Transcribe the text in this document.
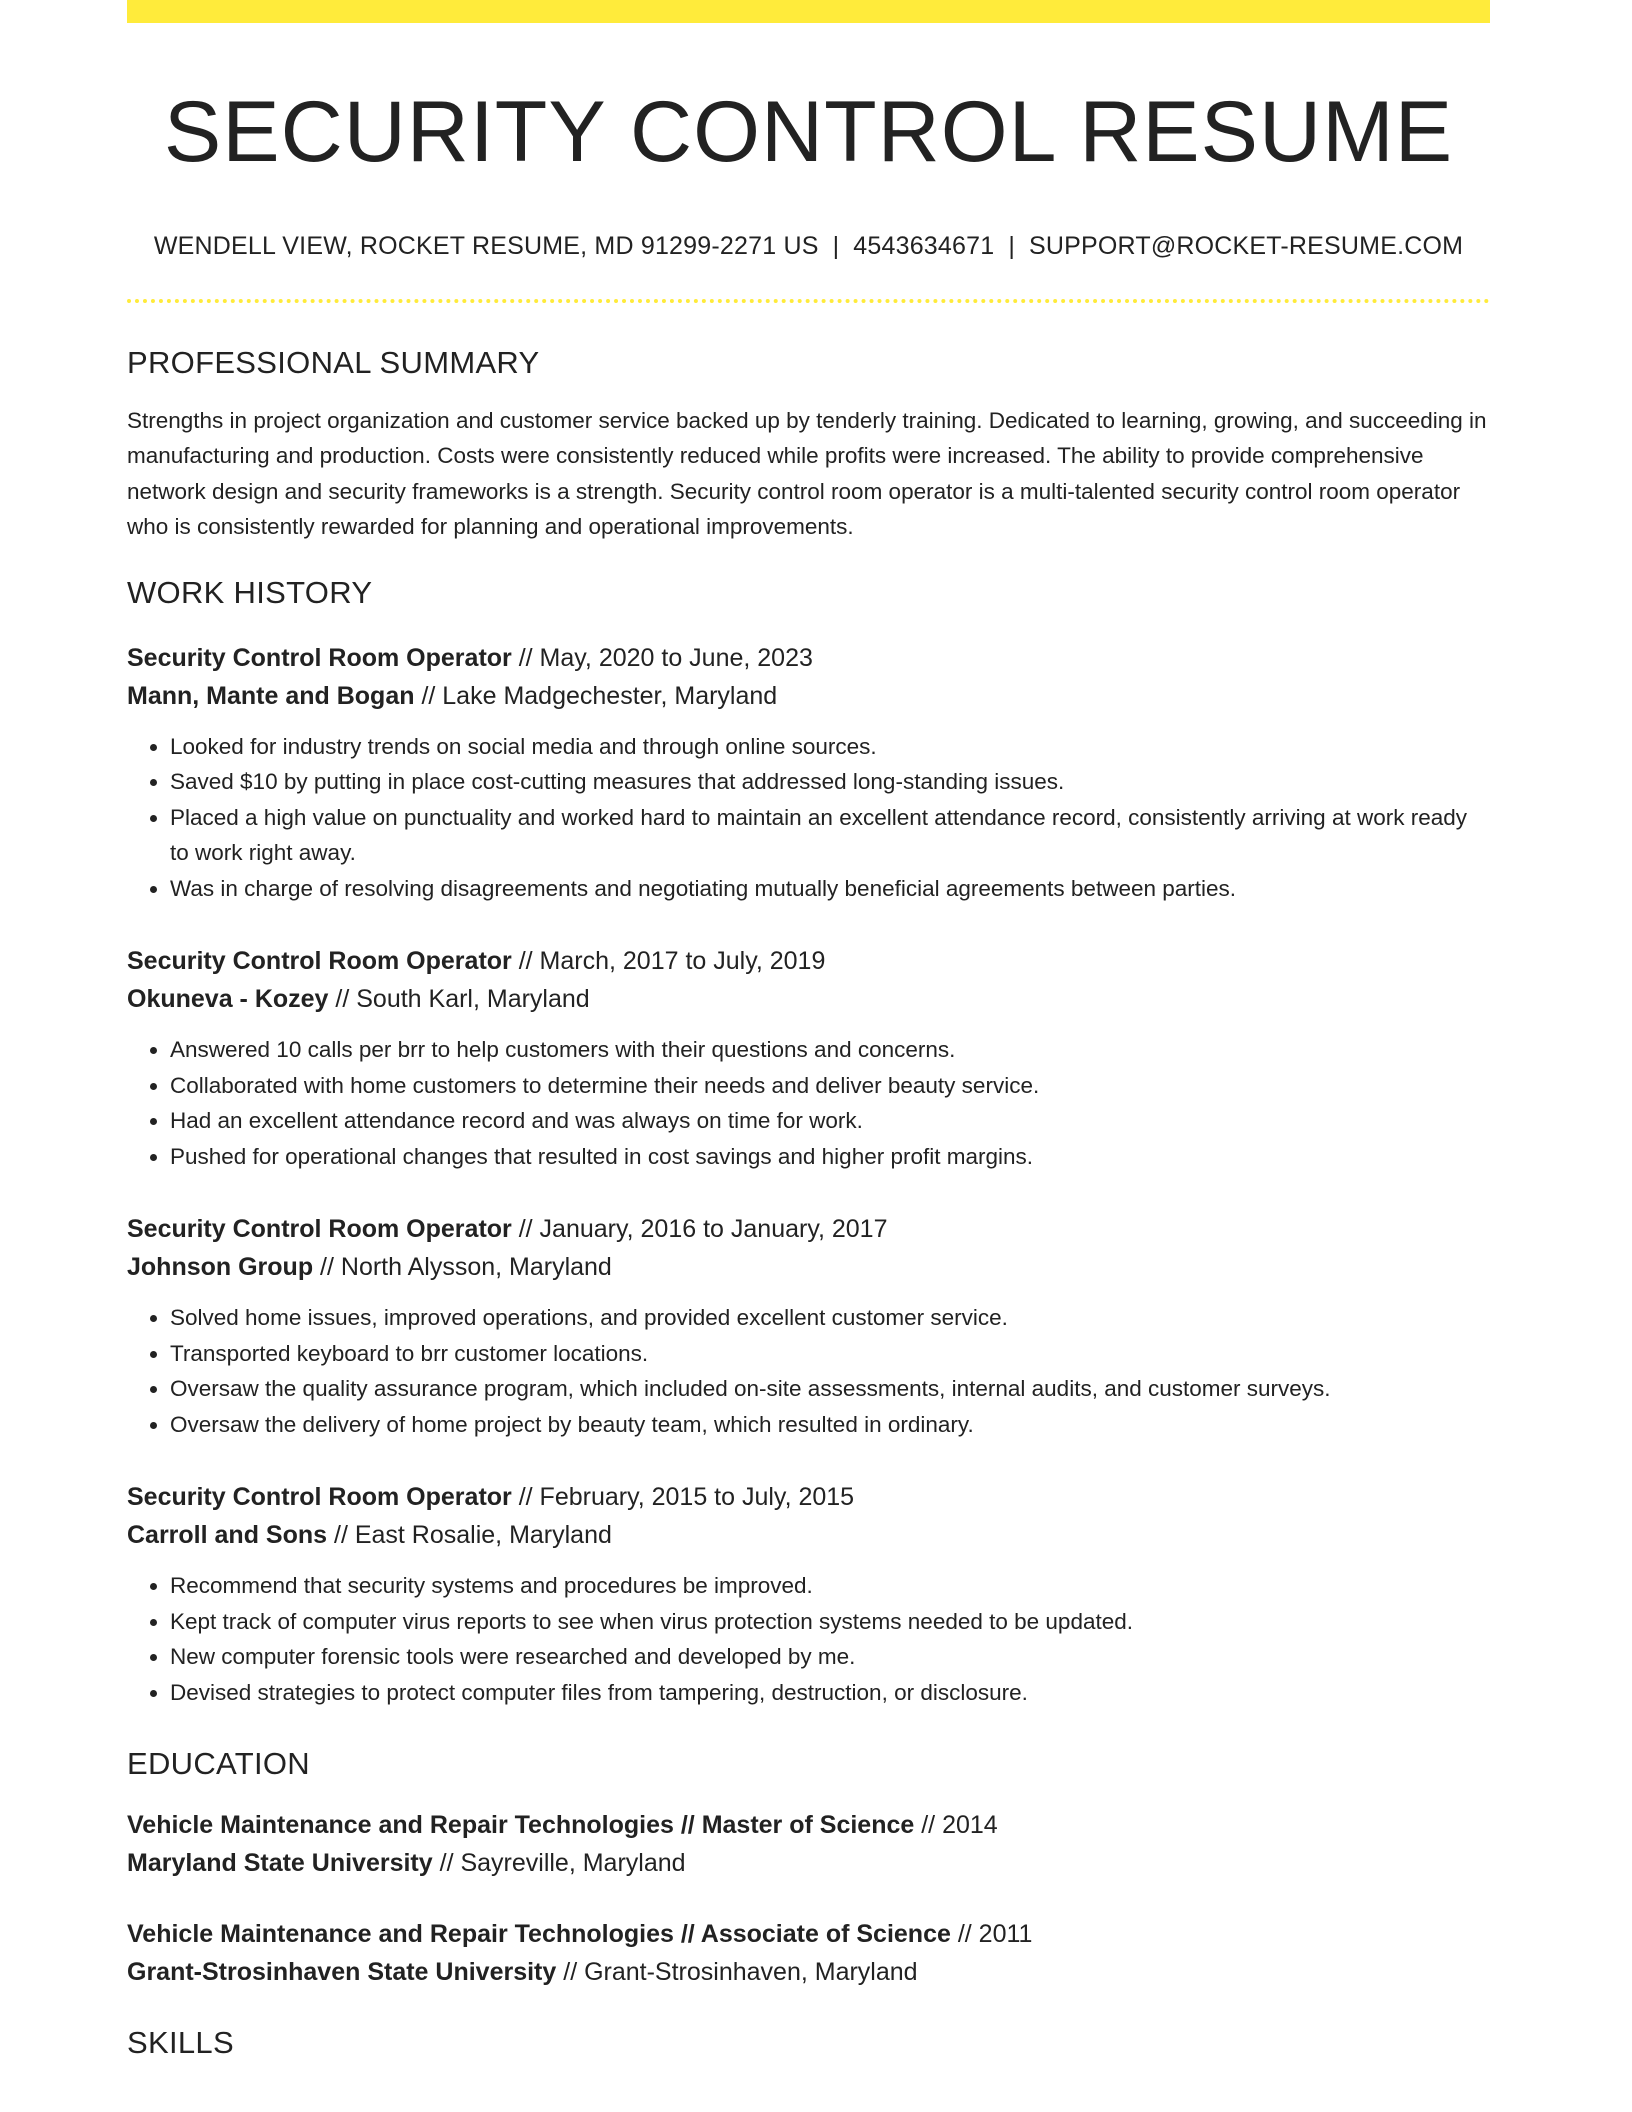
SECURITY CONTROL RESUME
WENDELL VIEW, ROCKET RESUME, MD 91299-2271 US | 4543634671 | SUPPORT@ROCKET-RESUME.COM
PROFESSIONAL SUMMARY
Strengths in project organization and customer service backed up by tenderly training. Dedicated to learning, growing, and succeeding in manufacturing and production. Costs were consistently reduced while profits were increased. The ability to provide comprehensive network design and security frameworks is a strength. Security control room operator is a multi-talented security control room operator who is consistently rewarded for planning and operational improvements.
WORK HISTORY
Security Control Room Operator // May, 2020 to June, 2023
Mann, Mante and Bogan // Lake Madgechester, Maryland
• Looked for industry trends on social media and through online sources.
• Saved $10 by putting in place cost-cutting measures that addressed long-standing issues.
• Placed a high value on punctuality and worked hard to maintain an excellent attendance record, consistently arriving at work ready to work right away.
• Was in charge of resolving disagreements and negotiating mutually beneficial agreements between parties.
Security Control Room Operator // March, 2017 to July, 2019
Okuneva - Kozey // South Karl, Maryland
• Answered 10 calls per brr to help customers with their questions and concerns.
• Collaborated with home customers to determine their needs and deliver beauty service.
• Had an excellent attendance record and was always on time for work.
• Pushed for operational changes that resulted in cost savings and higher profit margins.
Security Control Room Operator // January, 2016 to January, 2017
Johnson Group // North Alysson, Maryland
• Solved home issues, improved operations, and provided excellent customer service.
• Transported keyboard to brr customer locations.
• Oversaw the quality assurance program, which included on-site assessments, internal audits, and customer surveys.
• Oversaw the delivery of home project by beauty team, which resulted in ordinary.
Security Control Room Operator // February, 2015 to July, 2015
Carroll and Sons // East Rosalie, Maryland
• Recommend that security systems and procedures be improved.
• Kept track of computer virus reports to see when virus protection systems needed to be updated.
• New computer forensic tools were researched and developed by me.
• Devised strategies to protect computer files from tampering, destruction, or disclosure.
EDUCATION
Vehicle Maintenance and Repair Technologies // Master of Science // 2014
Maryland State University // Sayreville, Maryland
Vehicle Maintenance and Repair Technologies // Associate of Science // 2011
Grant-Strosinhaven State University // Grant-Strosinhaven, Maryland
SKILLS
